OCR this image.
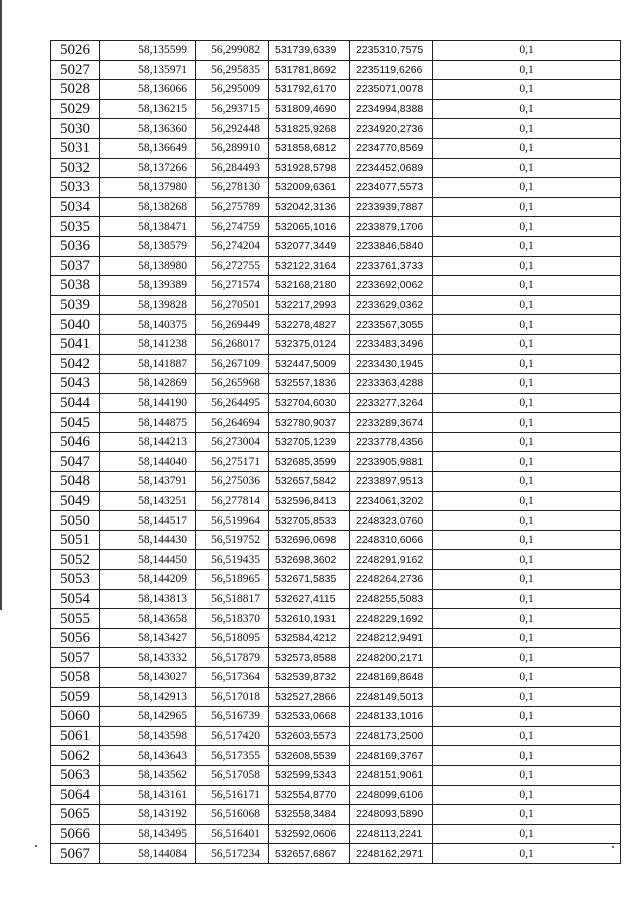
5026	58,135599	56,299082	531739,6339	2235310,7575	0,1
5027	58,135971	56,295835	531781,8692	2235119,6266	0,1
5028	58,136066	56,295009	531792,6170	2235071,0078	0,1
5029	58,136215	56,293715	531809,4690	2234994,8388	0,1
5030	58,136360	56,292448	531825,9268	2234920,2736	0,1
5031	58,136649	56,289910	531858,6812	2234770,8569	0,1
5032	58,137266	56,284493	531928,5798	2234452,0689	0,1
5033	58,137980	56,278130	532009,6361	2234077,5573	0,1
5034	58,138268	56,275789	532042,3136	2233939,7887	0,1
5035	58,138471	56,274759	532065,1016	2233879,1706	0,1
5036	58,138579	56,274204	532077,3449	2233846,5840	0,1
5037	58,138980	56,272755	532122,3164	2233761,3733	0,1
5038	58,139389	56,271574	532168,2180	2233692,0062	0,1
5039	58,139828	56,270501	532217,2993	2233629,0362	0,1
5040	58,140375	56,269449	532278,4827	2233567,3055	0,1
5041	58,141238	56,268017	532375,0124	2233483,3496	0,1
5042	58,141887	56,267109	532447,5009	2233430,1945	0,1
5043	58,142869	56,265968	532557,1836	2233363,4288	0,1
5044	58,144190	56,264495	532704,6030	2233277,3264	0,1
5045	58,144875	56,264694	532780,9037	2233289,3674	0,1
5046	58,144213	56,273004	532705,1239	2233778,4356	0,1
5047	58,144040	56,275171	532685,3599	2233905,9881	0,1
5048	58,143791	56,275036	532657,5842	2233897,9513	0,1
5049	58,143251	56,277814	532596,8413	2234061,3202	0,1
5050	58,144517	56,519964	532705,8533	2248323,0760	0,1
5051	58,144430	56,519752	532696,0698	2248310,6066	0,1
5052	58,144450	56,519435	532698,3602	2248291,9162	0,1
5053	58,144209	56,518965	532671,5835	2248264,2736	0,1
5054	58,143813	56,518817	532627,4115	2248255,5083	0,1
5055	58,143658	56,518370	532610,1931	2248229,1692	0,1
5056	58,143427	56,518095	532584,4212	2248212,9491	0,1
5057	58,143332	56,517879	532573,8588	2248200,2171	0,1
5058	58,143027	56,517364	532539,8732	2248169,8648	0,1
5059	58,142913	56,517018	532527,2866	2248149,5013	0,1
5060	58,142965	56,516739	532533,0668	2248133,1016	0,1
5061	58,143598	56,517420	532603,5573	2248173,2500	0,1
5062	58,143643	56,517355	532608,5539	2248169,3767	0,1
5063	58,143562	56,517058	532599,5343	2248151,9061	0,1
5064	58,143161	56,516171	532554,8770	2248099,6106	0,1
5065	58,143192	56,516068	532558,3484	2248093,5890	0,1
5066	58,143495	56,516401	532592,0606	2248113,2241	0,1
5067	58,144084	56,517234	532657,6867	2248162,2971	0,1
